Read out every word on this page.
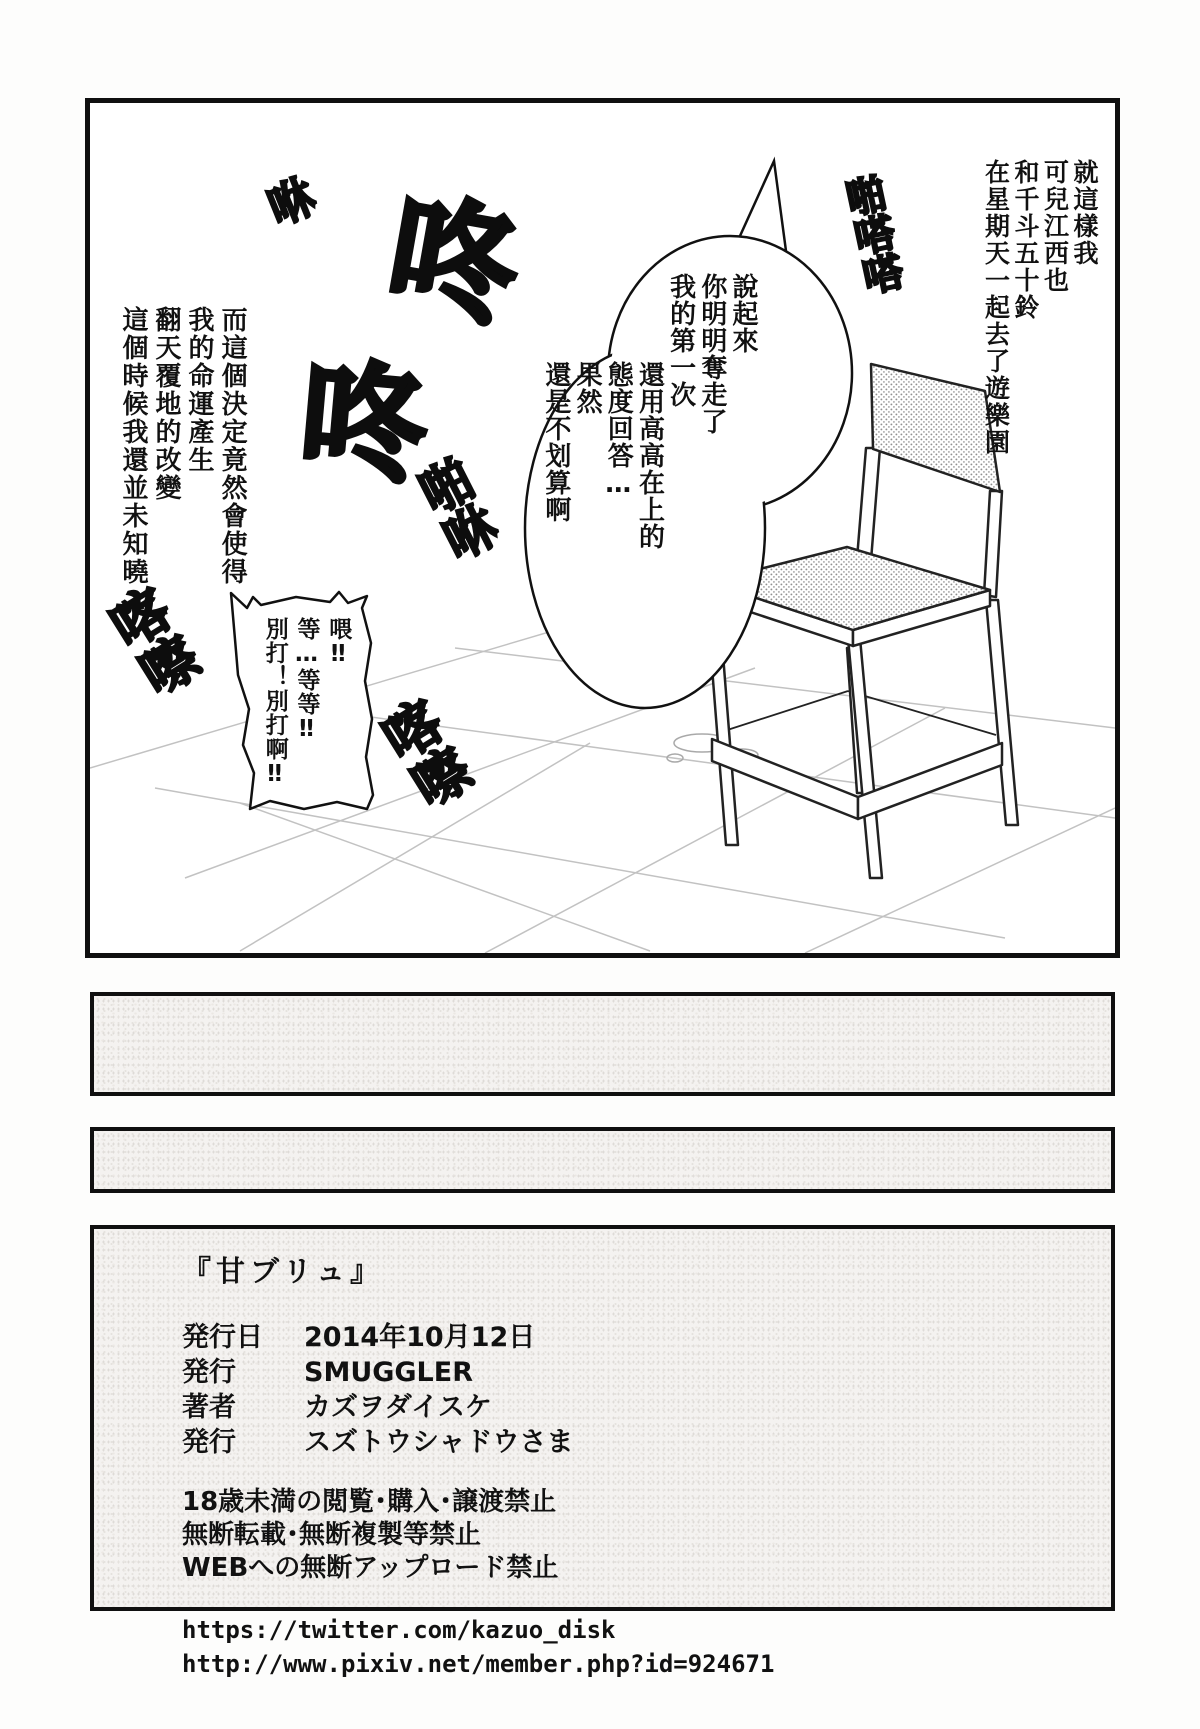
就這樣我

可兒江西也

和千斗五十鈴

在星期天一起去了遊樂園

說起來

你明明奪走了

我的第一次

還用高高在上的

態度回答…

果然

還是不划算啊

而這個決定竟然會使得

我的命運產生

翻天覆地的改變

這個時候我還並未知曉…

喂‼

等…等等‼

別打！別打啊‼

咻 咚
咚
啪咻
啪嗒嗒
喀嚓
喀嚓

『甘ブリュ』

発行日	2014年10月12日
発行	SMUGGLER
著者	カズヲダイスケ
発行	スズトウシャドウさま

18歳未満の閲覧･購入･譲渡禁止

無断転載･無断複製等禁止

WEBへの無断アップロード禁止

https://twitter.com/kazuo_disk

http://www.pixiv.net/member.php?id=924671
